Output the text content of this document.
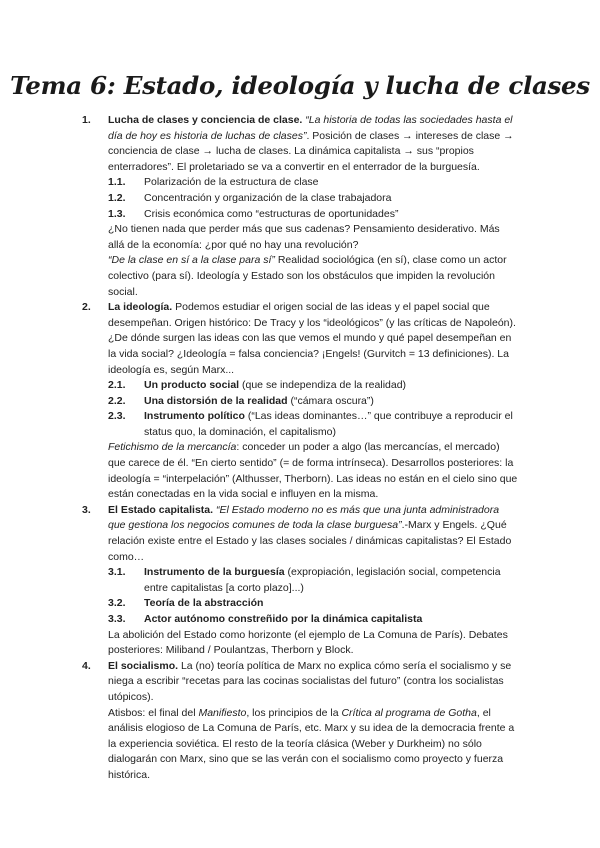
Tema 6: Estado, ideología y lucha de clases
1. Lucha de clases y conciencia de clase. “La historia de todas las sociedades hasta el día de hoy es historia de luchas de clases”. Posición de clases → intereses de clase → conciencia de clase → lucha de clases. La dinámica capitalista → sus “propios enterradores”. El proletariado se va a convertir en el enterrador de la burguesía.

1.1. Polarización de la estructura de clase
1.2. Concentración y organización de la clase trabajadora
1.3. Crisis económica como “estructuras de oportunidades”

¿No tienen nada que perder más que sus cadenas? Pensamiento desiderativo. Más allá de la economía: ¿por qué no hay una revolución?

“De la clase en sí a la clase para sí” Realidad sociológica (en sí), clase como un actor colectivo (para sí). Ideología y Estado son los obstáculos que impiden la revolución social.

2. La ideología. Podemos estudiar el origen social de las ideas y el papel social que desempeñan. Origen histórico: De Tracy y los “ideológicos” (y las críticas de Napoleón). ¿De dónde surgen las ideas con las que vemos el mundo y qué papel desempeñan en la vida social? ¿Ideología = falsa conciencia? ¡Engels! (Gurvitch = 13 definiciones). La ideología es, según Marx...

2.1. Un producto social (que se independiza de la realidad)
2.2. Una distorsión de la realidad (“cámara oscura”)
2.3. Instrumento político (“Las ideas dominantes…” que contribuye a reproducir el status quo, la dominación, el capitalismo)

Fetichismo de la mercancía: conceder un poder a algo (las mercancías, el mercado) que carece de él. “En cierto sentido” (= de forma intrínseca). Desarrollos posteriores: la ideología = “interpelación” (Althusser, Therborn). Las ideas no están en el cielo sino que están conectadas en la vida social e influyen en la misma.

3. El Estado capitalista. “El Estado moderno no es más que una junta administradora que gestiona los negocios comunes de toda la clase burguesa”.-Marx y Engels. ¿Qué relación existe entre el Estado y las clases sociales / dinámicas capitalistas? El Estado como…

3.1. Instrumento de la burguesía (expropiación, legislación social, competencia entre capitalistas [a corto plazo]...)
3.2. Teoría de la abstracción
3.3. Actor autónomo constreñido por la dinámica capitalista

La abolición del Estado como horizonte (el ejemplo de La Comuna de París). Debates posteriores: Miliband / Poulantzas, Therborn y Block.

4. El socialismo. La (no) teoría política de Marx no explica cómo sería el socialismo y se niega a escribir “recetas para las cocinas socialistas del futuro” (contra los socialistas utópicos).

Atisbos: el final del Manifiesto, los principios de la Crítica al programa de Gotha, el análisis elogioso de La Comuna de París, etc. Marx y su idea de la democracia frente a la experiencia soviética. El resto de la teoría clásica (Weber y Durkheim) no sólo dialogarán con Marx, sino que se las verán con el socialismo como proyecto y fuerza histórica.
